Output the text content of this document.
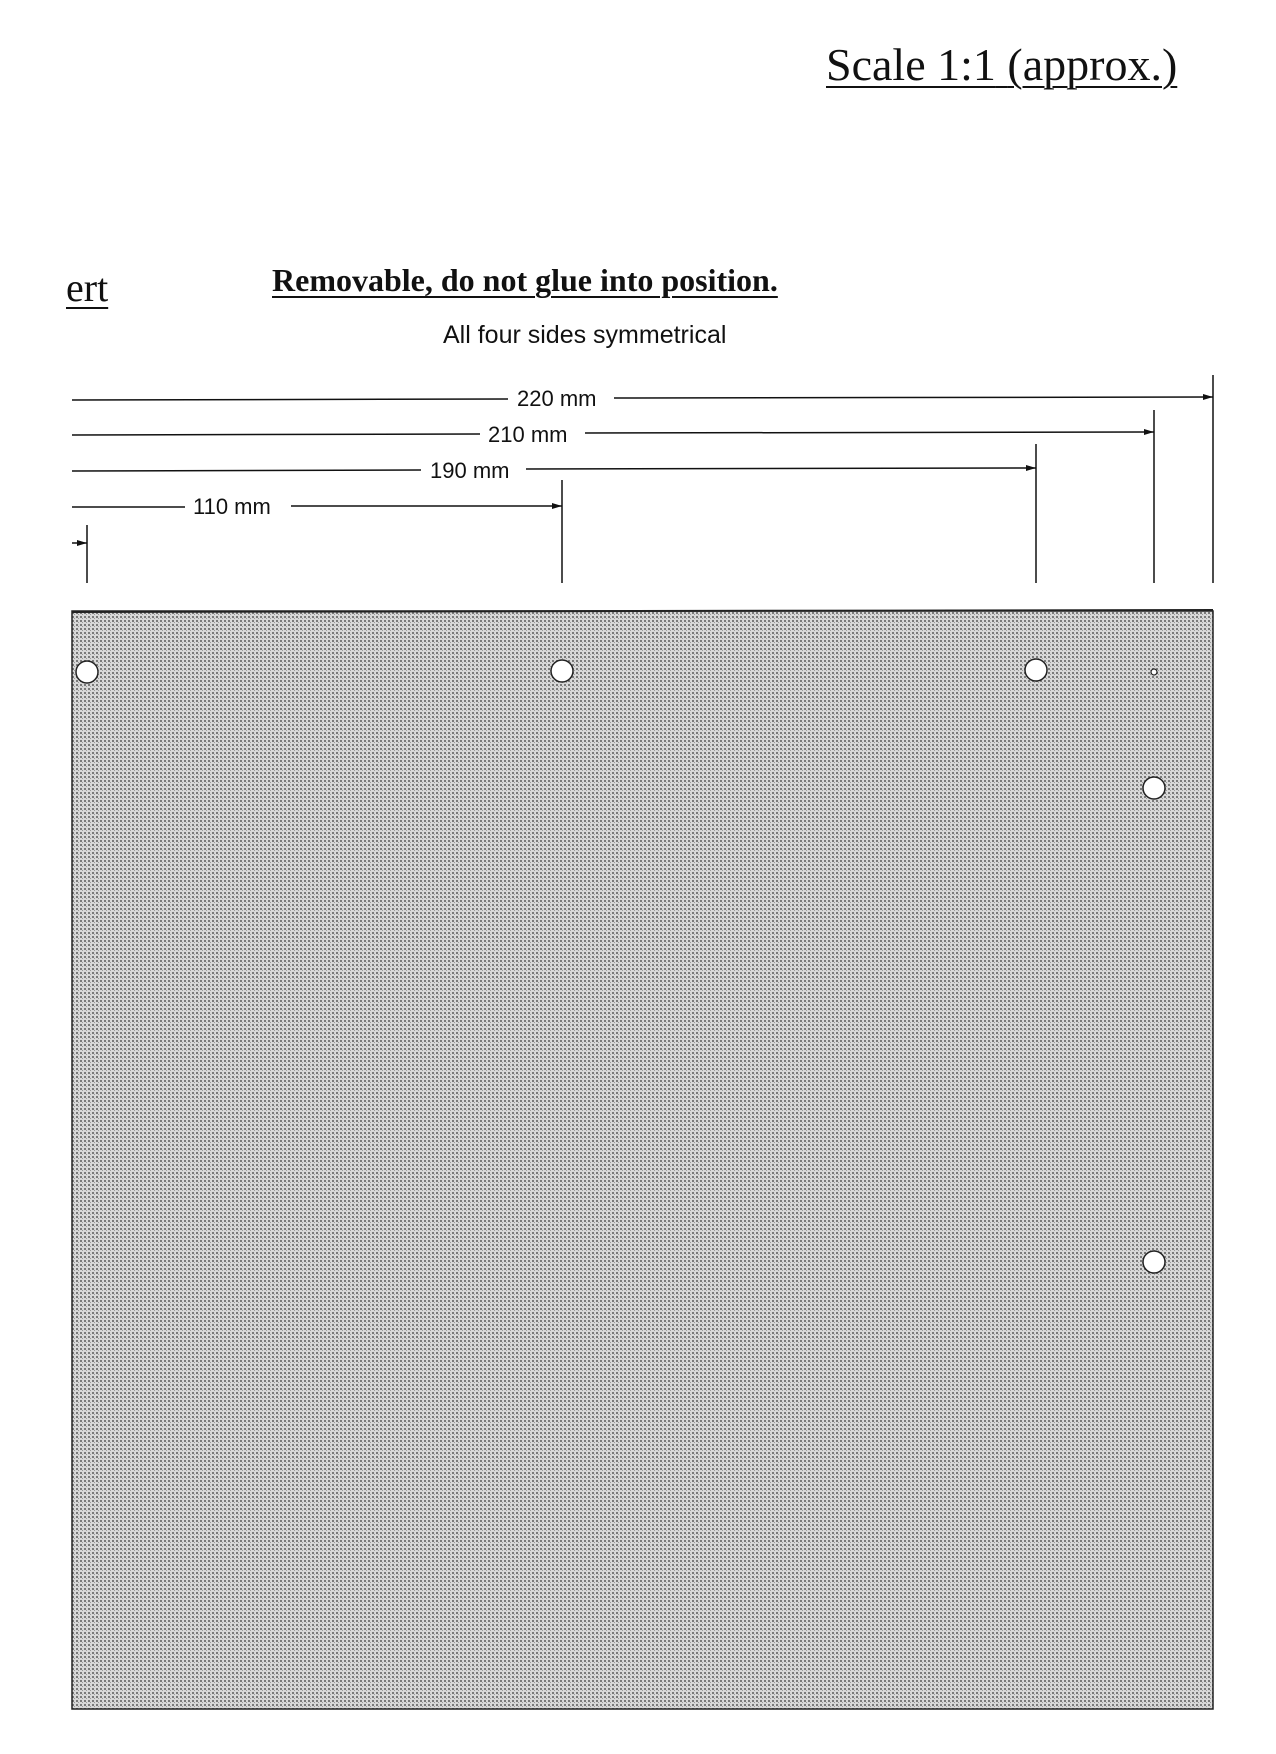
Scale 1:1 (approx.)
ert	Removable, do not glue into position.
All four sides symmetrical
220 mm
210 mm
190 mm
110 mm
